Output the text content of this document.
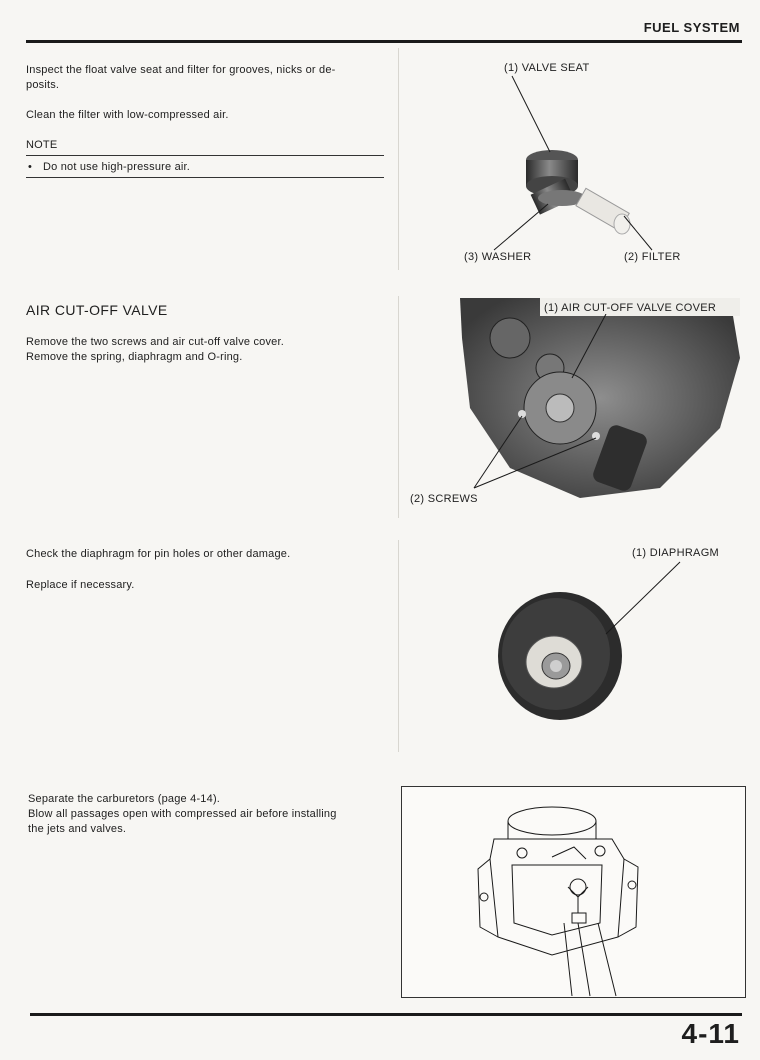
FUEL SYSTEM
Inspect the float valve seat and filter for grooves, nicks or de-
posits.
Clean the filter with low-compressed air.
NOTE
• Do not use high-pressure air.
(1) VALVE SEAT
(3) WASHER	(2) FILTER
AIR CUT-OFF VALVE
Remove the two screws and air cut-off valve cover.
Remove the spring, diaphragm and O-ring.
(1) AIR CUT-OFF VALVE COVER
(2) SCREWS
Check the diaphragm for pin holes or other damage.
Replace if necessary.
(1) DIAPHRAGM
Separate the carburetors (page 4-14).
Blow all passages open with compressed air before installing
the jets and valves.
4-11
